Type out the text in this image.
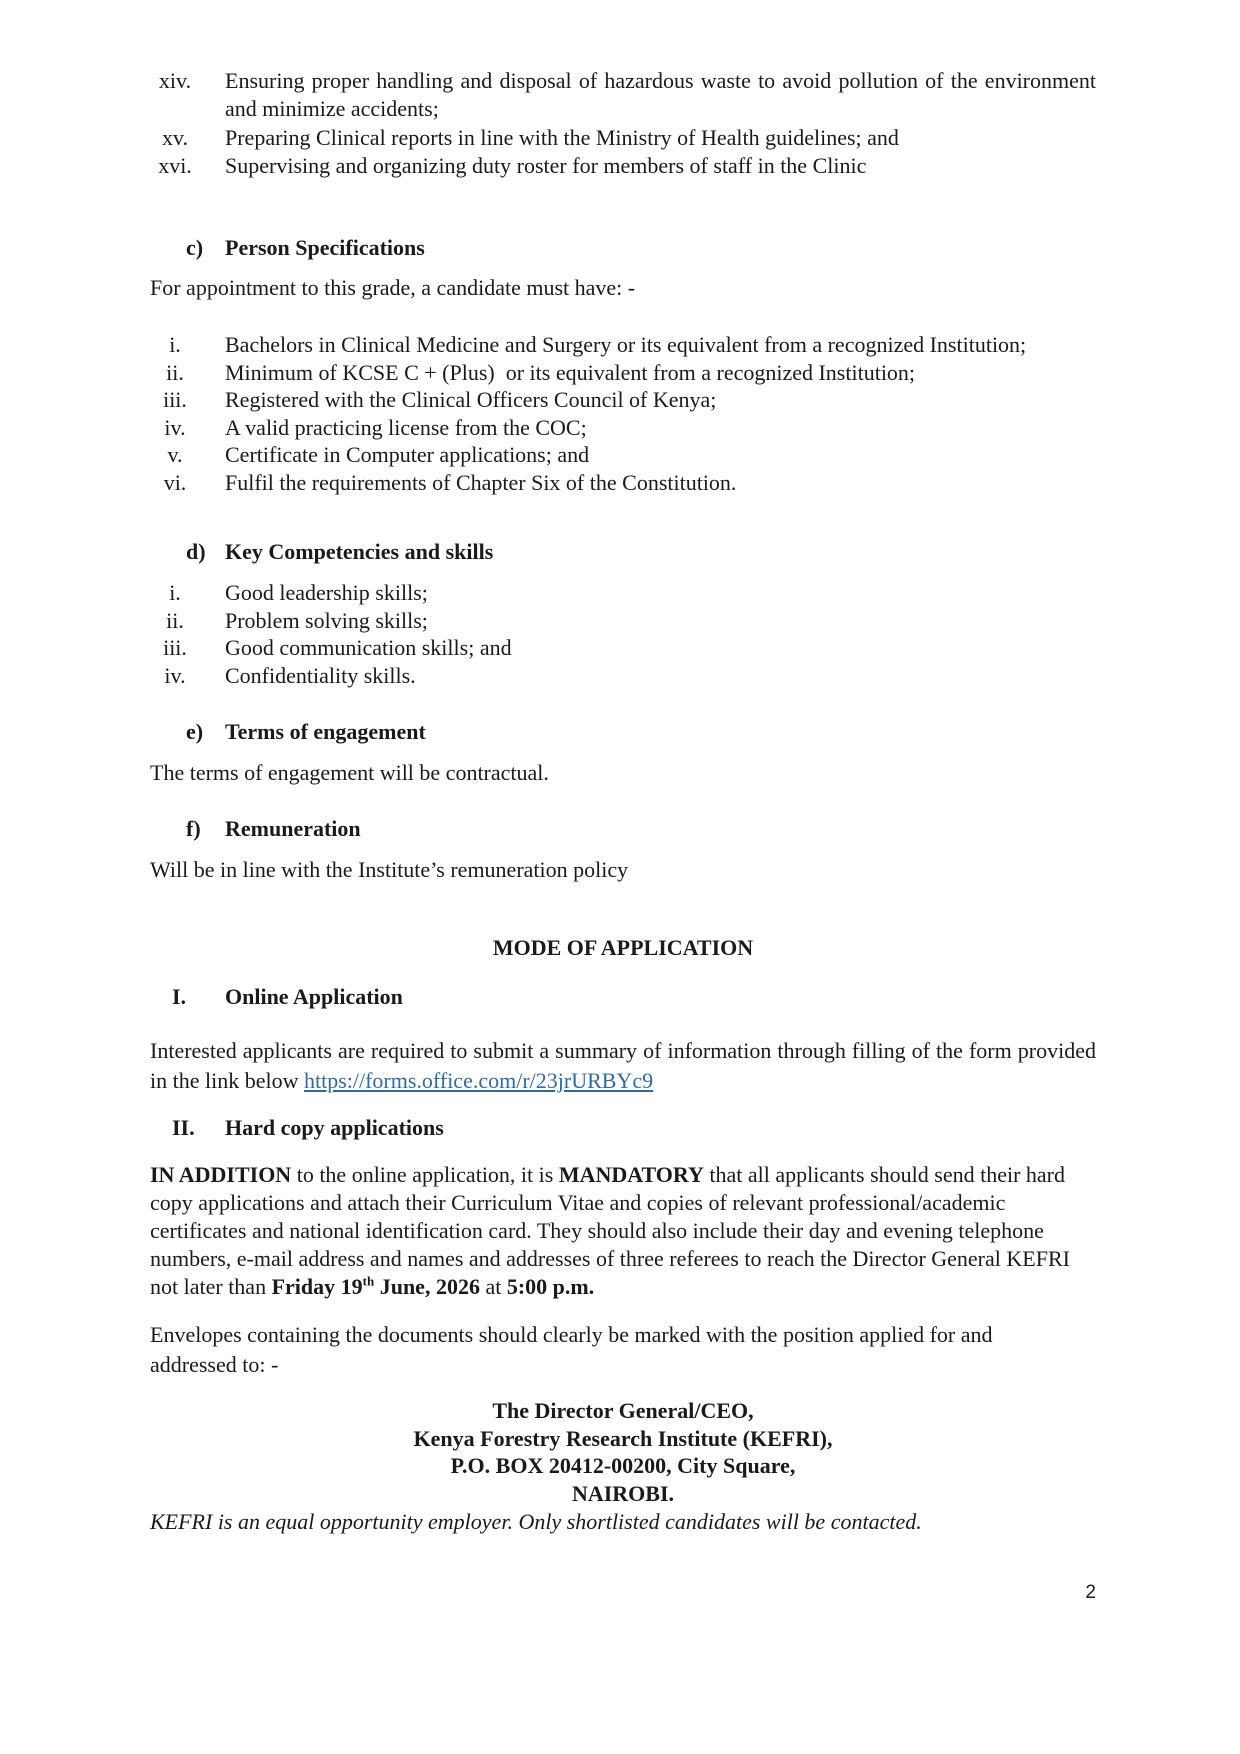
xiv.	Ensuring proper handling and disposal of hazardous waste to avoid pollution of the environment and minimize accidents;
xv.	Preparing Clinical reports in line with the Ministry of Health guidelines; and
xvi.	Supervising and organizing duty roster for members of staff in the Clinic
c) Person Specifications
For appointment to this grade, a candidate must have: -
i.	Bachelors in Clinical Medicine and Surgery or its equivalent from a recognized Institution;
ii.	Minimum of KCSE C + (Plus)  or its equivalent from a recognized Institution;
iii.	Registered with the Clinical Officers Council of Kenya;
iv.	A valid practicing license from the COC;
v.	Certificate in Computer applications; and
vi.	Fulfil the requirements of Chapter Six of the Constitution.
d) Key Competencies and skills
i.	Good leadership skills;
ii.	Problem solving skills;
iii.	Good communication skills; and
iv.	Confidentiality skills.
e) Terms of engagement
The terms of engagement will be contractual.
f) Remuneration
Will be in line with the Institute’s remuneration policy
MODE OF APPLICATION
I. Online Application
Interested applicants are required to submit a summary of information through filling of the form provided in the link below https://forms.office.com/r/23jrURBYc9
II. Hard copy applications
IN ADDITION to the online application, it is MANDATORY that all applicants should send their hard copy applications and attach their Curriculum Vitae and copies of relevant professional/academic certificates and national identification card. They should also include their day and evening telephone numbers, e-mail address and names and addresses of three referees to reach the Director General KEFRI not later than Friday 19th June, 2026 at 5:00 p.m.
Envelopes containing the documents should clearly be marked with the position applied for and addressed to: -
The Director General/CEO,
Kenya Forestry Research Institute (KEFRI),
P.O. BOX 20412-00200, City Square,
NAIROBI.
KEFRI is an equal opportunity employer. Only shortlisted candidates will be contacted.
2
